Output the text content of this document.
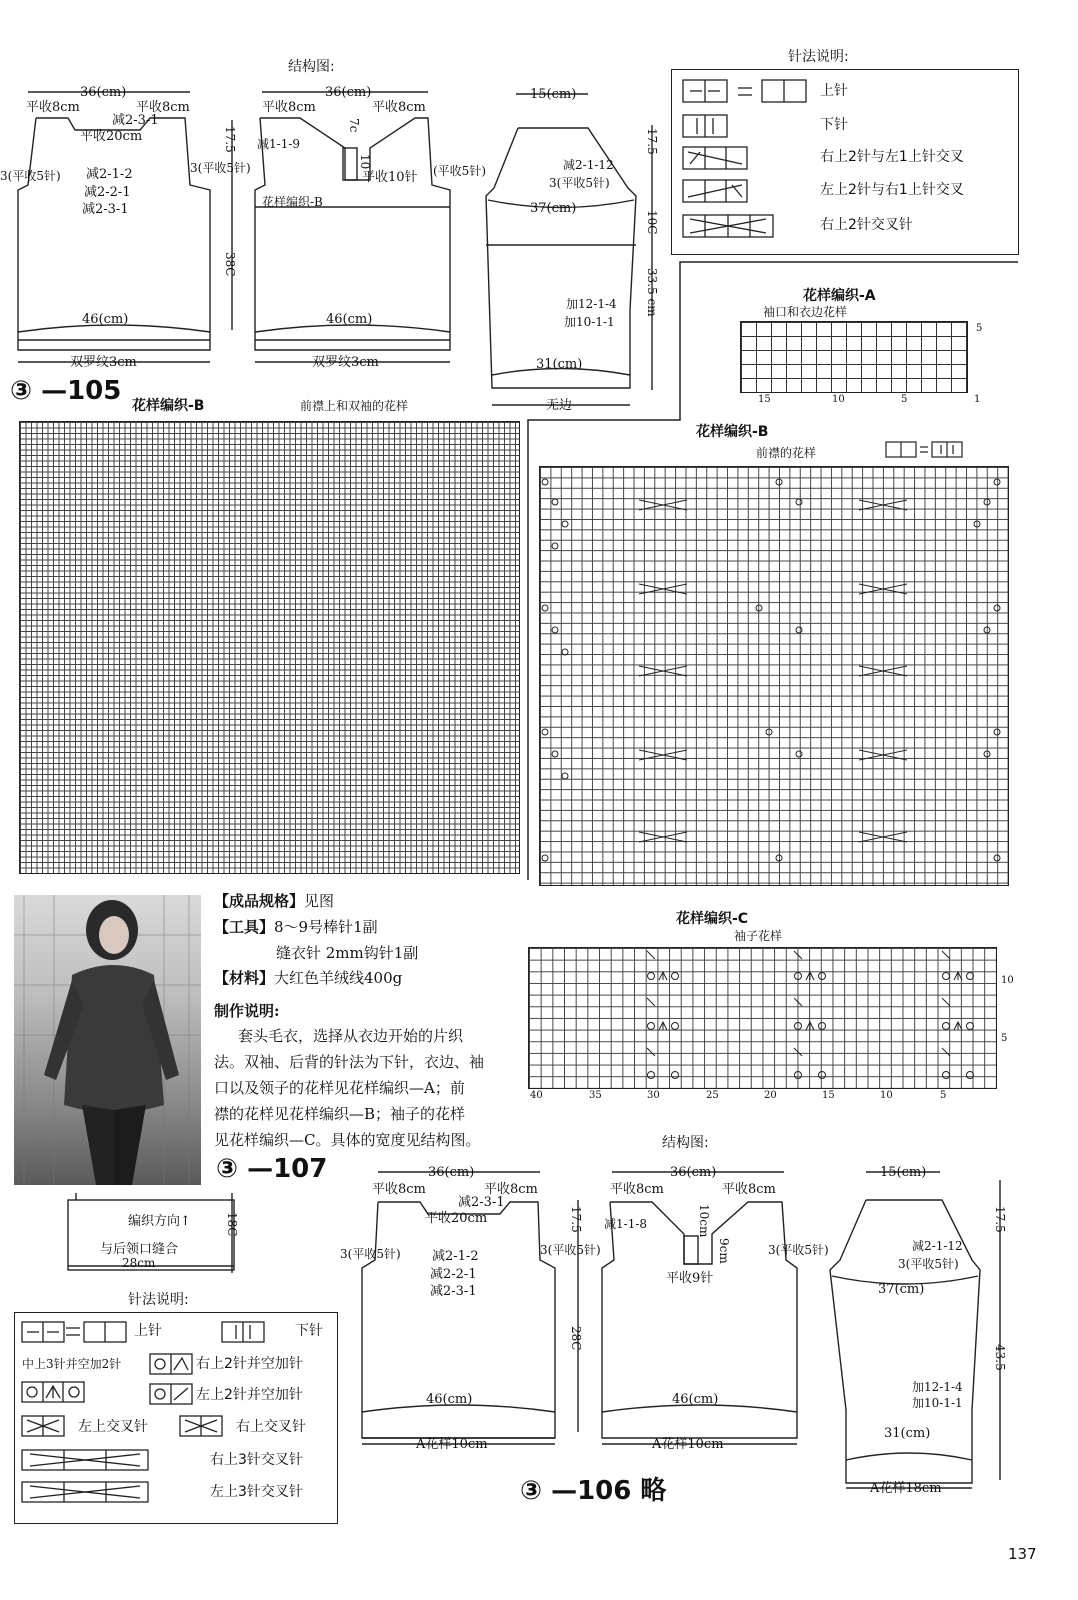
结构图:
36(cm)
平收8cm	平收8cm
减2-3-1
平收20cm	17.5
3(平收5针)
3(平收5针)
减2-1-2
减2-2-1
减2-3-1
38C
46(cm)
双罗纹3cm
36(cm)
平收8cm	平收8cm
减1-1-9
7c
10
平收10针 (平收5针)
花样编织-B
46(cm)
双罗纹3cm
15(cm)
17.5
减2-1-12
3(平收5针)
37(cm)
10C
加12-1-4
加10-1-1
33.5 cm
31(cm)
无边
③ —105
针法说明:
上针
下针
右上2针与左1上针交叉
左上2针与右1上针交叉
右上2针交叉针
花样编织-A
袖口和衣边花样
5
15	10	5	1
花样编织-B	前襟上和双袖的花样
花样编织-B
前襟的花样
【成品规格】见图
【工具】8～9号棒针1副
缝衣针 2mm钩针1副
【材料】大红色羊绒线400g
制作说明:
套头毛衣，选择从衣边开始的片织
法。双袖、后背的针法为下针，衣边、袖
口以及领子的花样见花样编织—A；前
襟的花样见花样编织—B；袖子的花样
见花样编织—C。具体的宽度见结构图。
③ —107
花样编织-C
袖子花样
10
5
40	35	30	25	20	15	10	5
编织方向↑
与后领口缝合
28cm
18C
针法说明:
上针	下针
中上3针并空加2针	右上2针并空加针
左上2针并空加针
左上交叉针	右上交叉针
右上3针交叉针
左上3针交叉针
结构图:
36(cm)
平收8cm	平收8cm
减2-3-1
平收20cm	17.5
3(平收5针)	3(平收5针)
减2-1-2
减2-2-1
减2-3-1
28C
46(cm)
A花样10cm
36(cm)
平收8cm	平收8cm
减1-1-8	10cm
9cm
平收9针
3(平收5针)
46(cm)
A花样10cm
15(cm)
17.5
减2-1-12
3(平收5针)
37(cm)
43.5
加12-1-4
加10-1-1
31(cm)
A花样18cm
③ —106 略
137
